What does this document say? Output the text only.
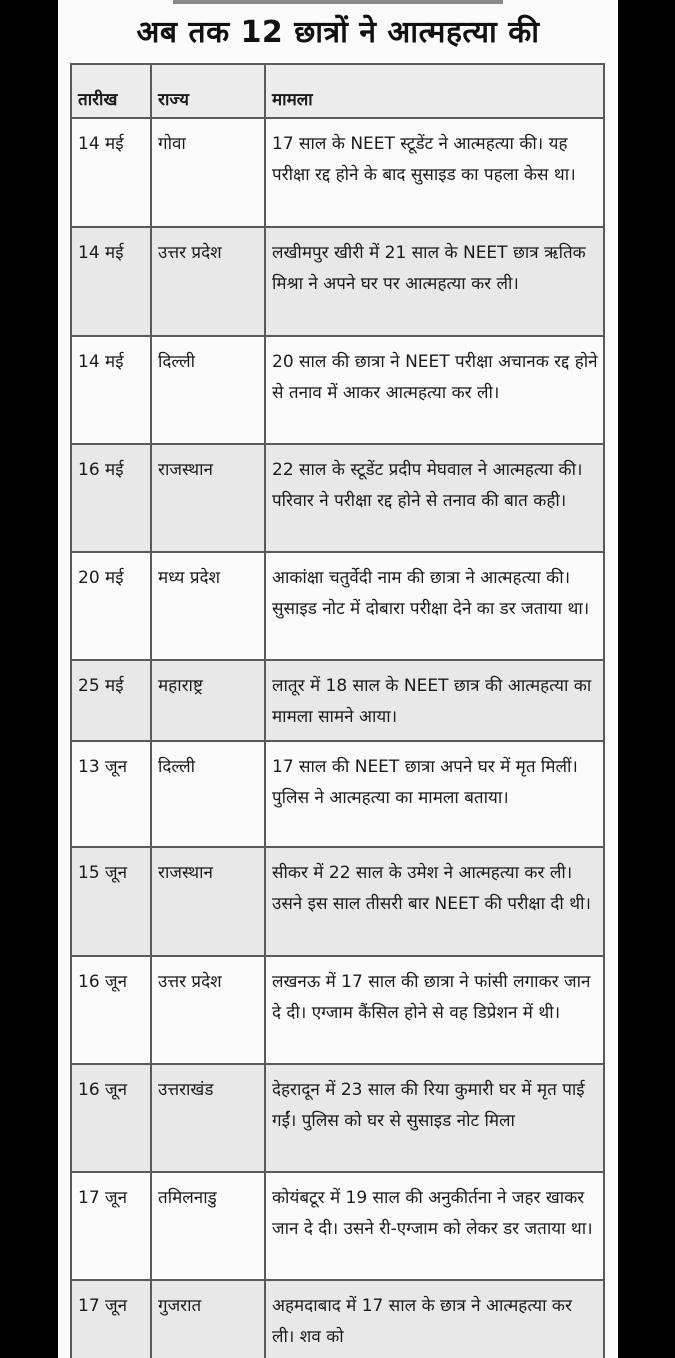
अब तक 12 छात्रों ने आत्महत्या की
तारीख	राज्य	मामला
14 मई	गोवा	17 साल के NEET स्टूडेंट ने आत्महत्या की। यह परीक्षा रद्द होने के बाद सुसाइड का पहला केस था।
14 मई	उत्तर प्रदेश	लखीमपुर खीरी में 21 साल के NEET छात्र ऋतिक मिश्रा ने अपने घर पर आत्महत्या कर ली।
14 मई	दिल्ली	20 साल की छात्रा ने NEET परीक्षा अचानक रद्द होने से तनाव में आकर आत्महत्या कर ली।
16 मई	राजस्थान	22 साल के स्टूडेंट प्रदीप मेघवाल ने आत्महत्या की। परिवार ने परीक्षा रद्द होने से तनाव की बात कही।
20 मई	मध्य प्रदेश	आकांक्षा चतुर्वेदी नाम की छात्रा ने आत्महत्या की। सुसाइड नोट में दोबारा परीक्षा देने का डर जताया था।
25 मई	महाराष्ट्र	लातूर में 18 साल के NEET छात्र की आत्महत्या का मामला सामने आया।
13 जून	दिल्ली	17 साल की NEET छात्रा अपने घर में मृत मिलीं। पुलिस ने आत्महत्या का मामला बताया।
15 जून	राजस्थान	सीकर में 22 साल के उमेश ने आत्महत्या कर ली। उसने इस साल तीसरी बार NEET की परीक्षा दी थी।
16 जून	उत्तर प्रदेश	लखनऊ में 17 साल की छात्रा ने फांसी लगाकर जान दे दी। एग्जाम कैंसिल होने से वह डिप्रेशन में थी।
16 जून	उत्तराखंड	देहरादून में 23 साल की रिया कुमारी घर में मृत पाई गईं। पुलिस को घर से सुसाइड नोट मिला
17 जून	तमिलनाडु	कोयंबटूर में 19 साल की अनुकीर्तना ने जहर खाकर जान दे दी। उसने री-एग्जाम को लेकर डर जताया था।
17 जून	गुजरात	अहमदाबाद में 17 साल के छात्र ने आत्महत्या कर ली। शव को
